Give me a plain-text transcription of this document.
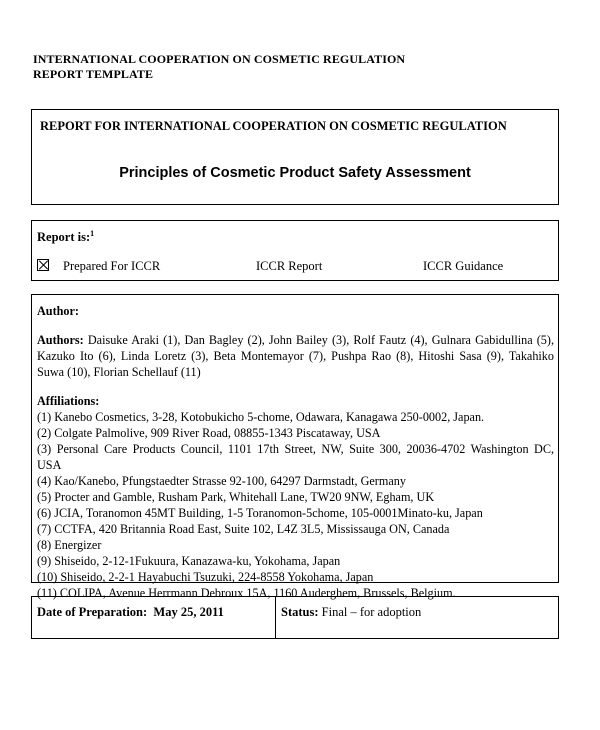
INTERNATIONAL COOPERATION ON COSMETIC REGULATION
REPORT TEMPLATE
REPORT FOR INTERNATIONAL COOPERATION ON COSMETIC REGULATION
Principles of Cosmetic Product Safety Assessment
Report is:$^1$
Prepared For ICCR	ICCR Report	ICCR Guidance
Author:
Authors: Daisuke Araki (1), Dan Bagley (2), John Bailey (3), Rolf Fautz (4), Gulnara Gabidullina (5),
Kazuko Ito (6), Linda Loretz (3), Beta Montemayor (7), Pushpa Rao (8), Hitoshi Sasa (9), Takahiko
Suwa (10), Florian Schellauf (11)
Affiliations:
(1) Kanebo Cosmetics, 3-28, Kotobukicho 5-chome, Odawara, Kanagawa 250-0002, Japan.
(2) Colgate Palmolive, 909 River Road, 08855-1343 Piscataway, USA
(3) Personal Care Products Council, 1101 17th Street, NW, Suite 300, 20036-4702 Washington DC,
USA
(4) Kao/Kanebo, Pfungstaedter Strasse 92-100, 64297 Darmstadt, Germany
(5) Procter and Gamble, Rusham Park, Whitehall Lane, TW20 9NW, Egham, UK
(6) JCIA, Toranomon 45MT Building, 1-5 Toranomon-5chome, 105-0001Minato-ku, Japan
(7) CCTFA, 420 Britannia Road East, Suite 102, L4Z 3L5, Mississauga ON, Canada
(8) Energizer
(9) Shiseido, 2-12-1Fukuura, Kanazawa-ku, Yokohama, Japan
(10) Shiseido, 2-2-1 Hayabuchi Tsuzuki, 224-8558 Yokohama, Japan
(11) COLIPA, Avenue Herrmann Debroux 15A, 1160 Auderghem, Brussels, Belgium.
Date of Preparation: May 25, 2011	Status: Final – for adoption
